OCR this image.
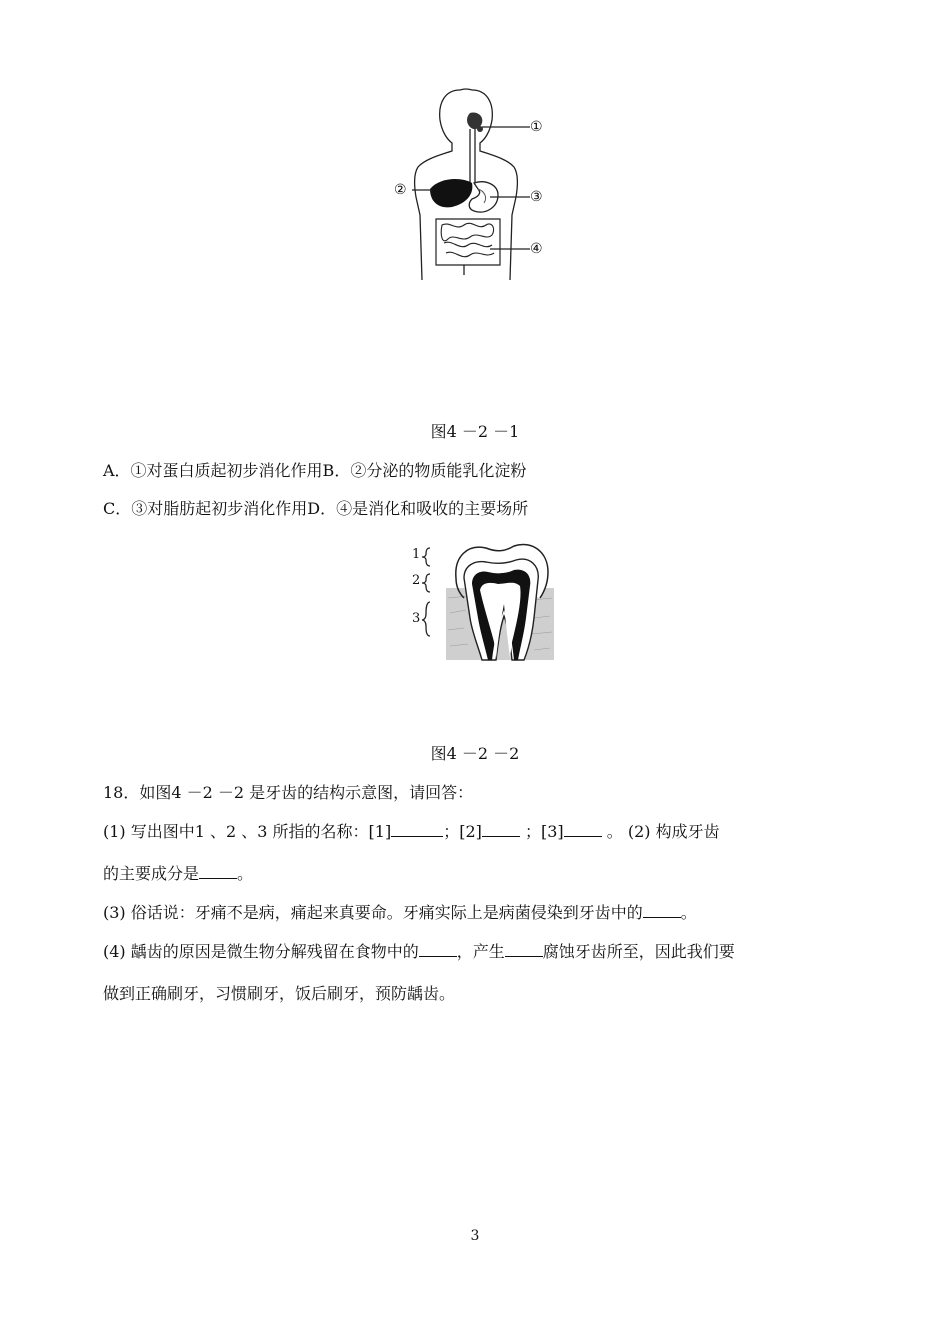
①
②	③
④
图4 －2 －1
A．①对蛋白质起初步消化作用B．②分泌的物质能乳化淀粉
C．③对脂肪起初步消化作用D．④是消化和吸收的主要场所
1
2
3
图4 －2 －2
18．如图4 －2 －2 是牙齿的结构示意图，请回答：
(1) 写出图中1 、2 、3 所指的名称：[1]	；[2] ；[3] 。 (2) 构成牙齿
的主要成分是 。
(3) 俗话说：牙痛不是病，痛起来真要命。牙痛实际上是病菌侵染到牙齿中的 。
(4) 龋齿的原因是微生物分解残留在食物中的 ，产生 腐蚀牙齿所至，因此我们要
做到正确刷牙，习惯刷牙，饭后刷牙，预防龋齿。
3
